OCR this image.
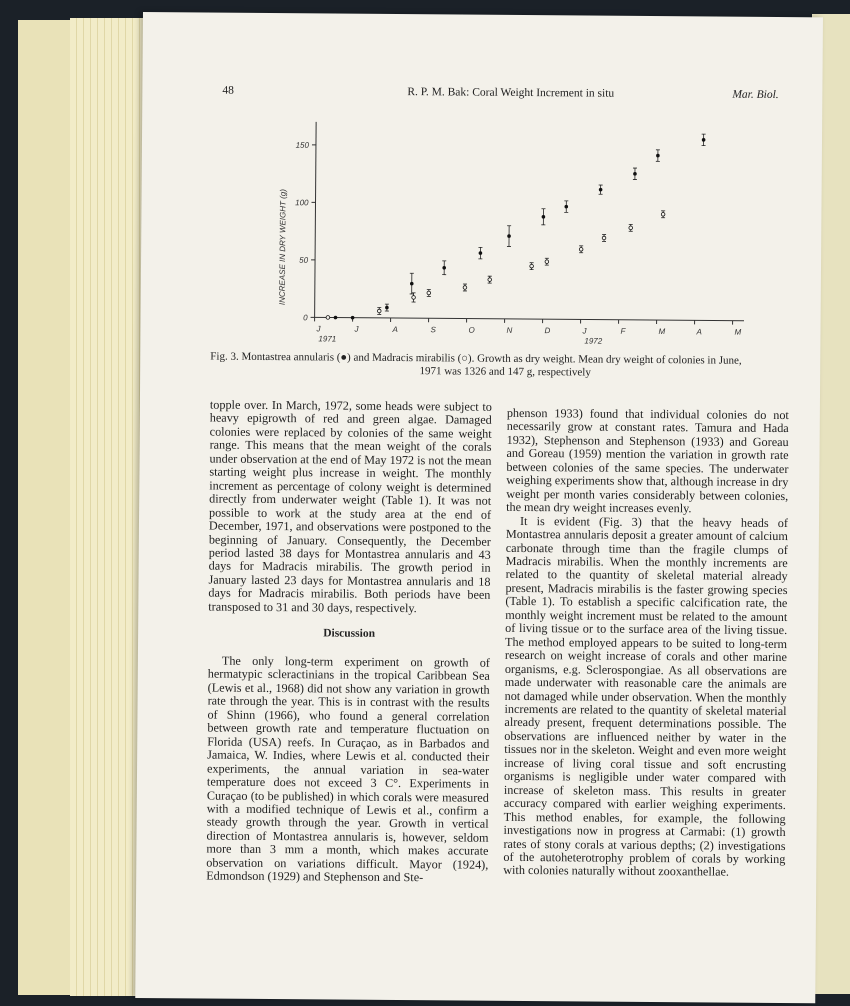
48	R. P. M. Bak: Coral Weight Increment in situ	Mar. Biol.
0
50
100
150
J	J	A	S	O	N	D	J	F	M	A	M
1971	1972
INCREASE IN DRY WEIGHT (g)
Fig. 3. Montastrea annularis (●) and Madracis mirabilis (○). Growth as dry weight. Mean dry weight of colonies in June,
1971 was 1326 and 147 g, respectively

topple over. In March, 1972, some heads were subject to heavy epigrowth of red and green algae. Damaged colonies were replaced by colonies of the same weight range. This means that the mean weight of the corals under observation at the end of May 1972 is not the mean starting weight plus increase in weight. The monthly increment as percentage of colony weight is determined directly from underwater weight (Table 1). It was not possible to work at the study area at the end of December, 1971, and observations were postponed to the beginning of January. Consequently, the December period lasted 38 days for Montastrea annularis and 43 days for Madracis mirabilis. The growth period in January lasted 23 days for Montastrea annularis and 18 days for Madracis mirabilis. Both periods have been transposed to 31 and 30 days, respectively.

Discussion

The only long-term experiment on growth of hermatypic scleractinians in the tropical Caribbean Sea (Lewis et al., 1968) did not show any variation in growth rate through the year. This is in contrast with the results of Shinn (1966), who found a general correlation between growth rate and temperature fluctuation on Florida (USA) reefs. In Curaçao, as in Barbados and Jamaica, W. Indies, where Lewis et al. conducted their experiments, the annual variation in sea-water temperature does not exceed 3 C°. Experiments in Curaçao (to be published) in which corals were measured with a modified technique of Lewis et al., confirm a steady growth through the year. Growth in vertical direction of Montastrea annularis is, however, seldom more than 3 mm a month, which makes accurate observation on variations difficult. Mayor (1924), Edmondson (1929) and Stephenson and Ste-

phenson 1933) found that individual colonies do not necessarily grow at constant rates. Tamura and Hada 1932), Stephenson and Stephenson (1933) and Goreau and Goreau (1959) mention the variation in growth rate between colonies of the same species. The underwater weighing experiments show that, although increase in dry weight per month varies considerably between colonies, the mean dry weight increases evenly.

It is evident (Fig. 3) that the heavy heads of Montastrea annularis deposit a greater amount of calcium carbonate through time than the fragile clumps of Madracis mirabilis. When the monthly increments are related to the quantity of skeletal material already present, Madracis mirabilis is the faster growing species (Table 1). To establish a specific calcification rate, the monthly weight increment must be related to the amount of living tissue or to the surface area of the living tissue. The method employed appears to be suited to long-term research on weight increase of corals and other marine organisms, e.g. Sclerospongiae. As all observations are made underwater with reasonable care the animals are not damaged while under observation. When the monthly increments are related to the quantity of skeletal material already present, frequent determinations possible. The observations are influenced neither by water in the tissues nor in the skeleton. Weight and even more weight increase of living coral tissue and soft encrusting organisms is negligible under water compared with increase of skeleton mass. This results in greater accuracy compared with earlier weighing experiments. This method enables, for example, the following investigations now in progress at Carmabi: (1) growth rates of stony corals at various depths; (2) investigations of the autoheterotrophy problem of corals by working with colonies naturally without zooxanthellae.
